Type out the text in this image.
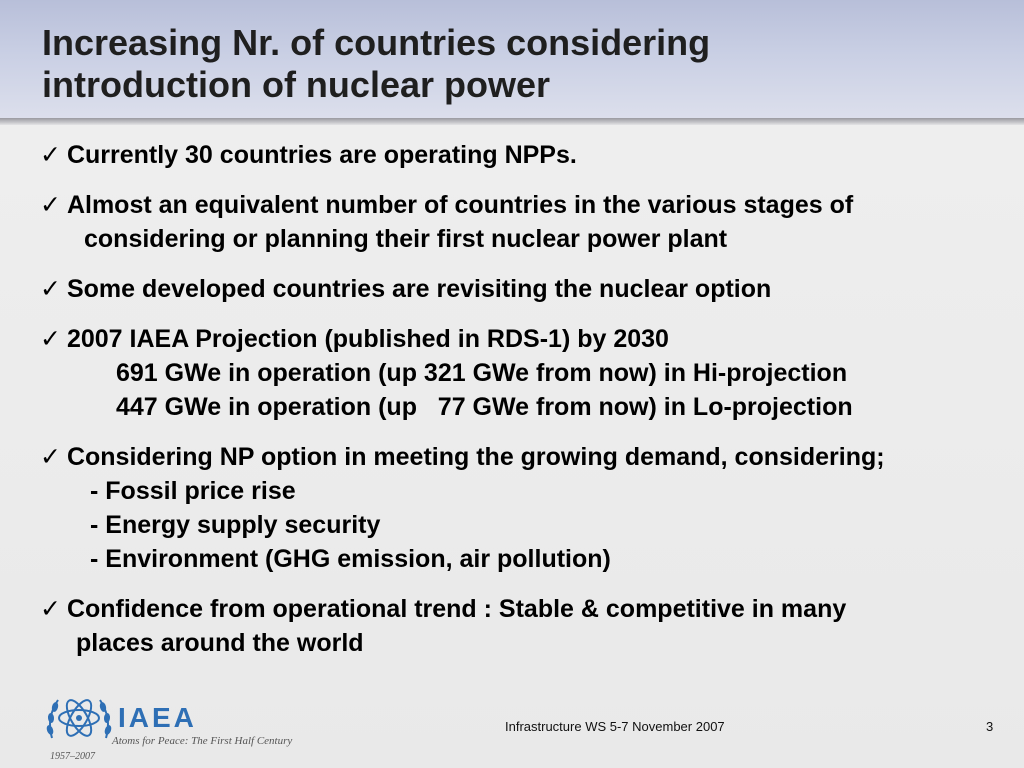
Increasing Nr. of countries considering
introduction of nuclear power
✓ Currently 30 countries are operating NPPs.
✓ Almost an equivalent number of countries in the various stages of
considering or planning their first nuclear power plant
✓ Some developed countries are revisiting the nuclear option
✓ 2007 IAEA Projection (published in RDS-1) by 2030
691 GWe in operation (up 321 GWe from now) in Hi-projection
447 GWe in operation (up   77 GWe from now) in Lo-projection
✓ Considering NP option in meeting the growing demand, considering;
- Fossil price rise
- Energy supply security
- Environment (GHG emission, air pollution)
✓ Confidence from operational trend : Stable & competitive in many
places around the world
IAEA
Atoms for Peace: The First Half Century
1957–2007
Infrastructure WS 5-7 November 2007	3
